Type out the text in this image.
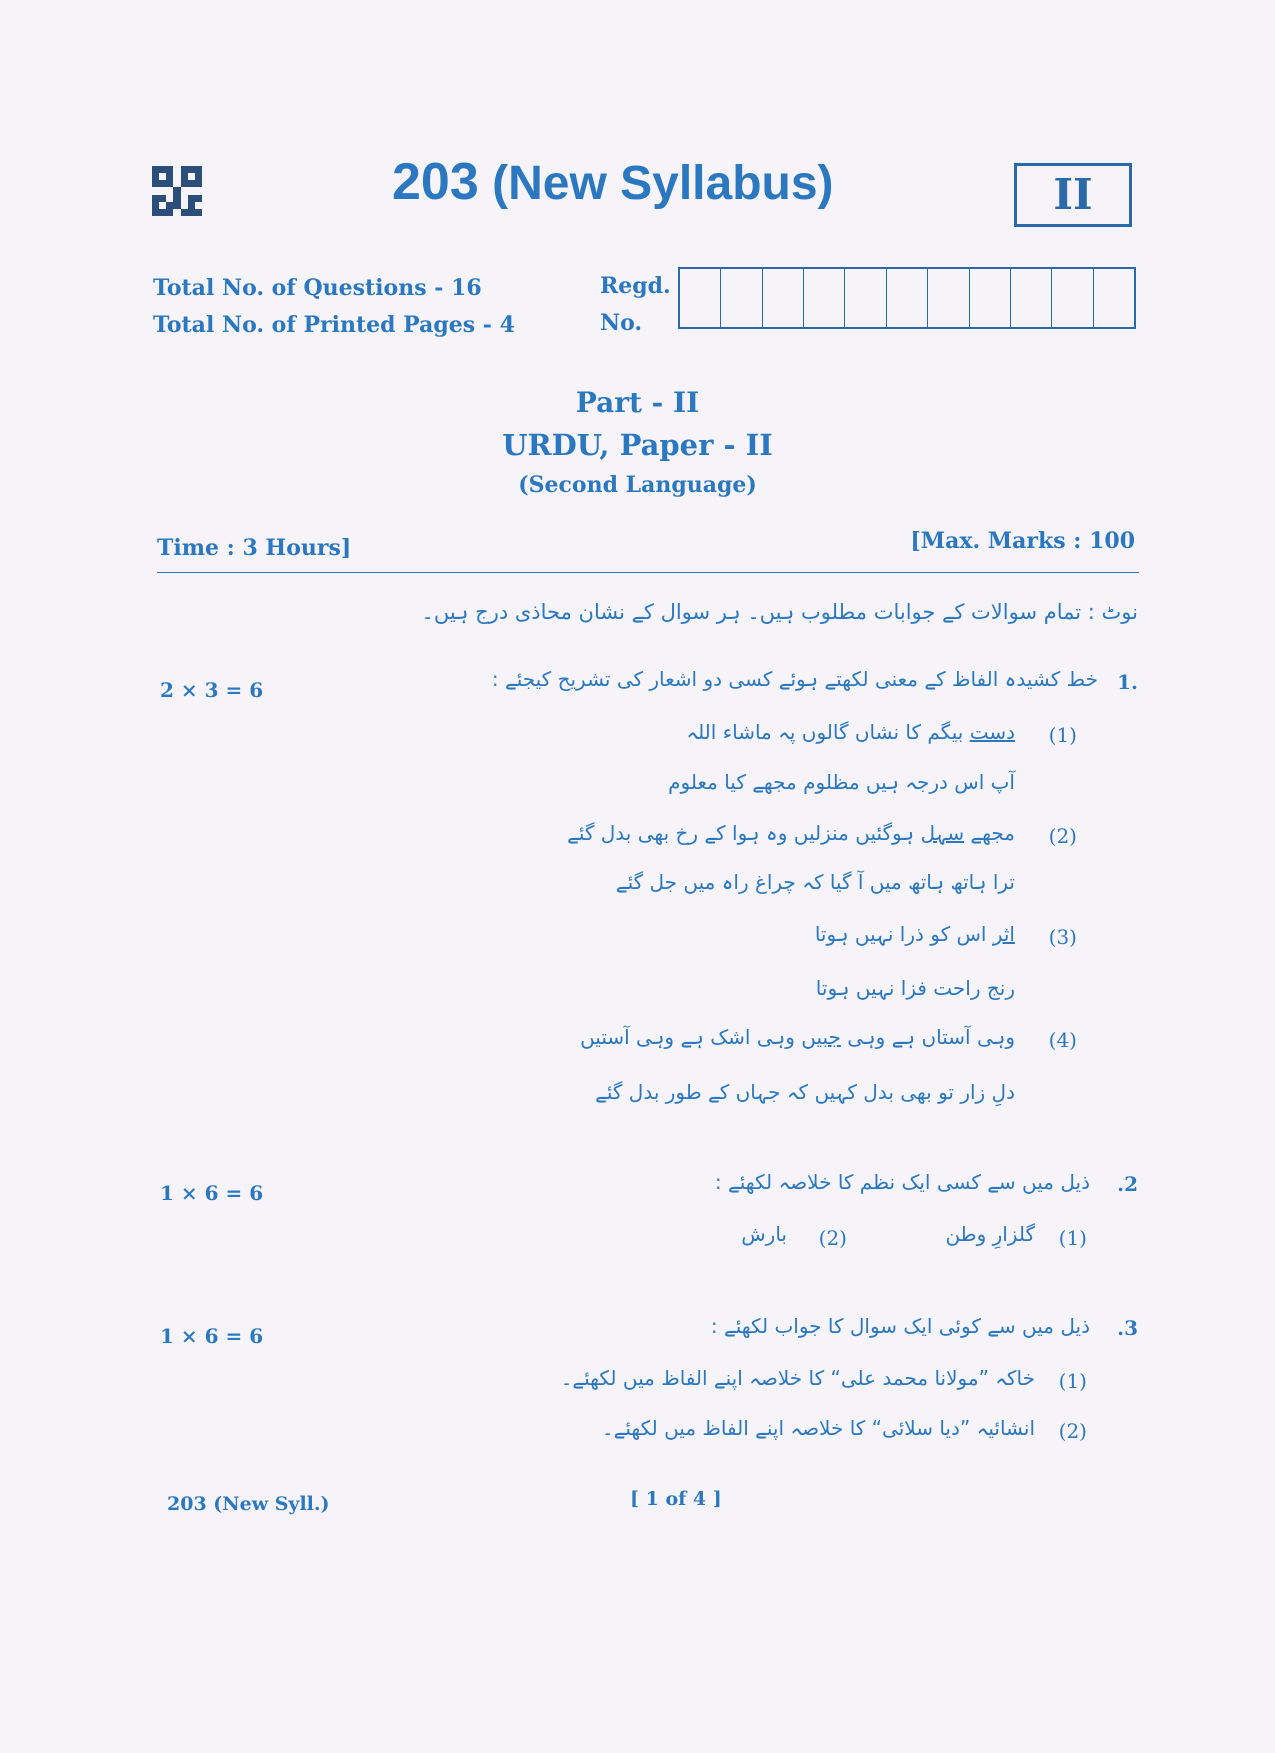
203 (New Syllabus)	II
Total No. of Questions - 16
Total No. of Printed Pages - 4
Regd.
No.
Part - II
URDU, Paper - II
(Second Language)
Time : 3 Hours]	[Max. Marks : 100
نوٹ : تمام سوالات کے جوابات مطلوب ہیں۔ ہر سوال کے نشان محاذی درج ہیں۔
2 × 3 = 6	1.
خط کشیدہ الفاظ کے معنی لکھتے ہوئے کسی دو اشعار کی تشریح کیجئے :
(1)
دست بیگم کا نشاں گالوں پہ ماشاء اللہ
آپ اس درجہ ہیں مظلوم مجھے کیا معلوم
(2)
مجھے سہل ہوگئیں منزلیں وہ ہوا کے رخ بھی بدل گئے
ترا ہاتھ ہاتھ میں آ گیا کہ چراغ راہ میں جل گئے
(3)
اثر اس کو ذرا نہیں ہوتا
رنج راحت فزا نہیں ہوتا
(4)
وہی آستاں ہے وہی جبیں وہی اشک ہے وہی آستیں
دلِ زار تو بھی بدل کہیں کہ جہاں کے طور بدل گئے
1 × 6 = 6	.2
ذیل میں سے کسی ایک نظم کا خلاصہ لکھئے :
(1)
گلزارِ وطن
(2)
بارش
1 × 6 = 6	.3
ذیل میں سے کوئی ایک سوال کا جواب لکھئے :
(1)
خاکہ ”مولانا محمد علی“ کا خلاصہ اپنے الفاظ میں لکھئے۔
(2)
انشائیہ ”دیا سلائی“ کا خلاصہ اپنے الفاظ میں لکھئے۔
203 (New Syll.)	[ 1 of 4 ]
